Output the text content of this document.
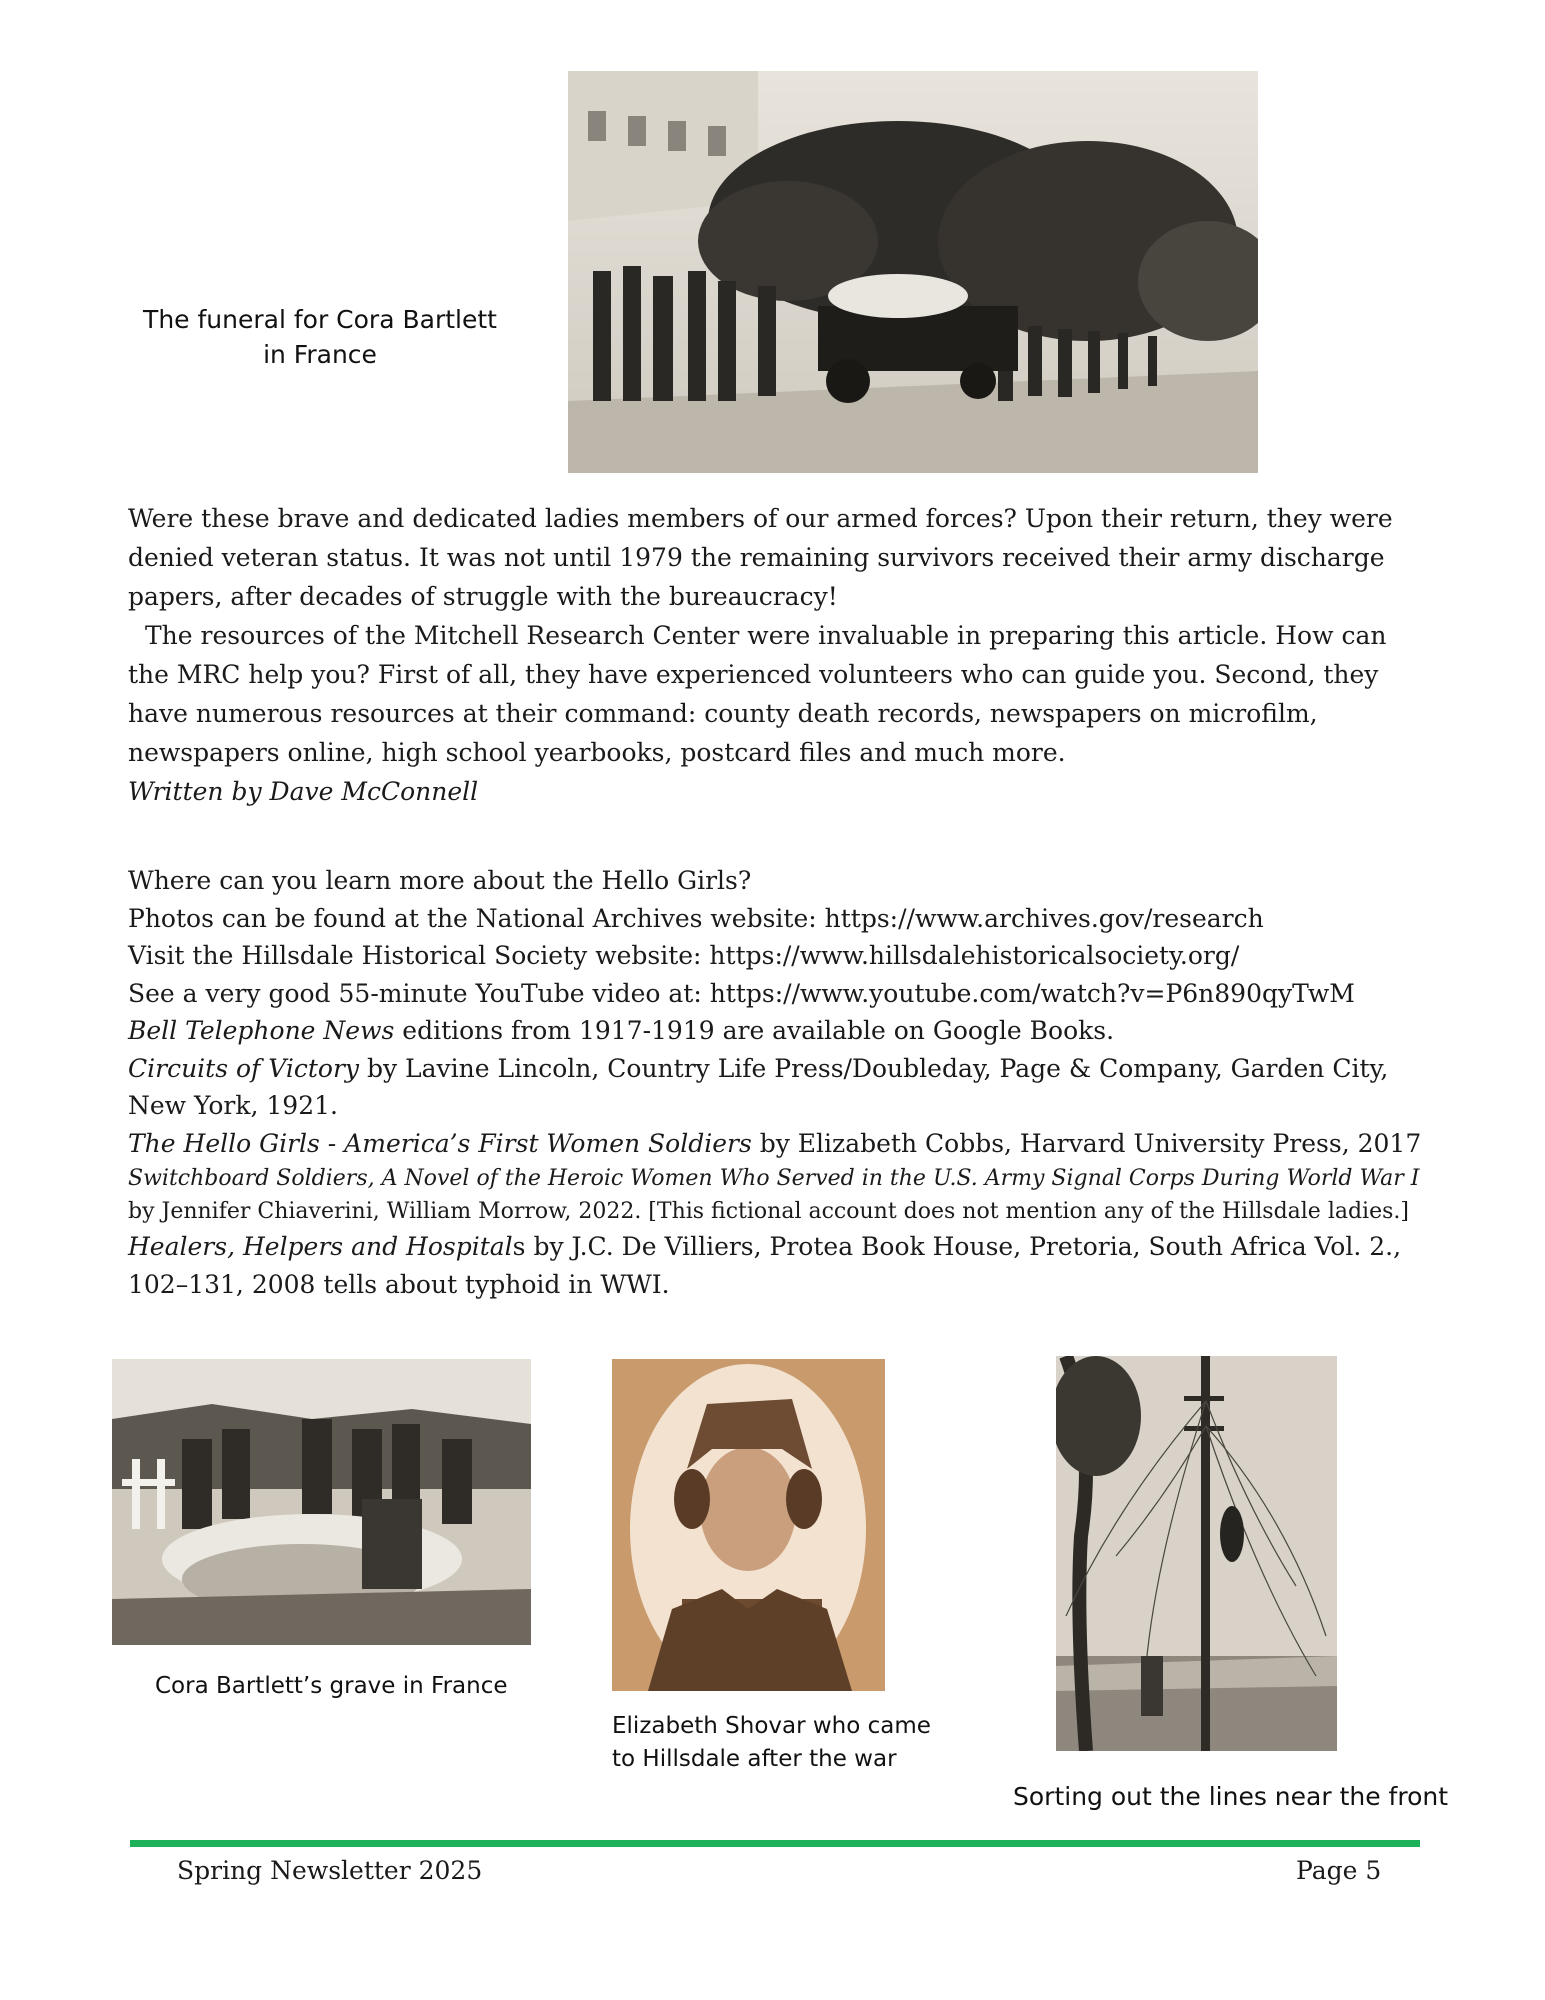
The funeral for Cora Bartlett
in France

Were these brave and dedicated ladies members of our armed forces? Upon their return, they were denied veteran status. It was not until 1979 the remaining survivors received their army discharge papers, after decades of struggle with the bureaucracy!

The resources of the Mitchell Research Center were invaluable in preparing this article. How can the MRC help you? First of all, they have experienced volunteers who can guide you. Second, they have numerous resources at their command: county death records, newspapers on microfilm, newspapers online, high school yearbooks, postcard files and much more.

Written by Dave McConnell

Where can you learn more about the Hello Girls?

Photos can be found at the National Archives website: https://www.archives.gov/research

Visit the Hillsdale Historical Society website: https://www.hillsdalehistoricalsociety.org/

See a very good 55-minute YouTube video at: https://www.youtube.com/watch?v=P6n890qyTwM

Bell Telephone News editions from 1917-1919 are available on Google Books.

Circuits of Victory by Lavine Lincoln, Country Life Press/Doubleday, Page & Company, Garden City, New York, 1921.

The Hello Girls - America’s First Women Soldiers by Elizabeth Cobbs, Harvard University Press, 2017

Switchboard Soldiers, A Novel of the Heroic Women Who Served in the U.S. Army Signal Corps During World War I

by Jennifer Chiaverini, William Morrow, 2022. [This fictional account does not mention any of the Hillsdale ladies.]

Healers, Helpers and Hospitals by J.C. De Villiers, Protea Book House, Pretoria, South Africa Vol. 2., 102–131, 2008 tells about typhoid in WWI.

Cora Bartlett’s grave in France
Elizabeth Shovar who came
to Hillsdale after the war
Sorting out the lines near the front
Spring Newsletter 2025	Page 5
